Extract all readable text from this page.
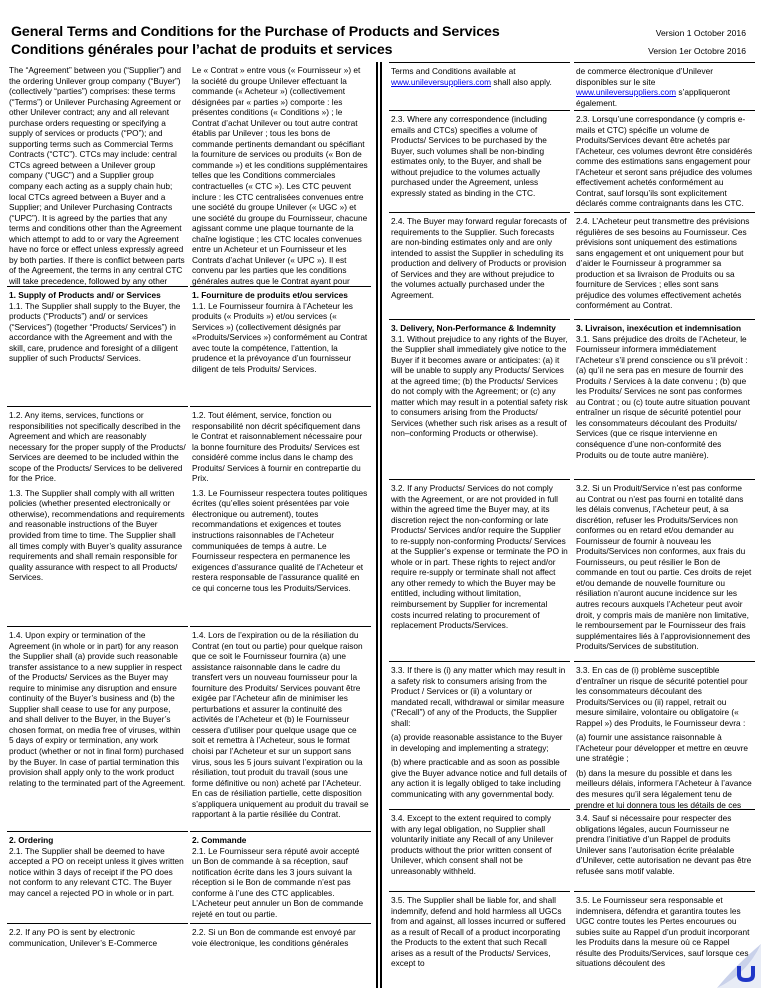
General Terms and Conditions for the Purchase of Products and Services
Conditions générales pour l’achat de produits et services
Version 1 October 2016
Version 1er Octobre 2016

The “Agreement” between you (“Supplier”) and the ordering Unilever group company (“Buyer”) (collectively “parties”) comprises: these terms (“Terms”) or Unilever Purchasing Agreement or other Unilever contract; any and all relevant purchase orders requesting or specifying a supply of services or products (“PO”); and supporting terms such as Commercial Terms Contracts (“CTC”). CTCs may include: central CTCs agreed between a Unilever group company (“UGC”) and a Supplier group company each acting as a supply chain hub; local CTCs agreed between a Buyer and a Supplier; and Unilever Purchasing Contracts (“UPC”). It is agreed by the parties that any terms and conditions other than the Agreement which attempt to add to or vary the Agreement have no force or effect unless expressly agreed by both parties. If there is conflict between parts of the Agreement, the terms in any central CTC will take precedence, followed by any other

1. Supply of Products and/ or Services

1.1. The Supplier shall supply to the Buyer, the products (“Products”) and/ or services (“Services”) (together “Products/ Services”) in accordance with the Agreement and with the skill, care, prudence and foresight of a diligent supplier of such Products/ Services.

1.2. Any items, services, functions or responsibilities not specifically described in the Agreement and which are reasonably necessary for the proper supply of the Products/ Services are deemed to be included within the scope of the Products/ Services to be delivered for the Price.

1.3. The Supplier shall comply with all written policies (whether presented electronically or otherwise), recommendations and requirements and reasonable instructions of the Buyer provided from time to time. The Supplier shall all times comply with Buyer’s quality assurance requirements and shall remain responsible for quality assurance with respect to all Products/ Services.

1.4. Upon expiry or termination of the Agreement (in whole or in part) for any reason the Supplier shall (a) provide such reasonable transfer assistance to a new supplier in respect of the Products/ Services as the Buyer may require to minimise any disruption and ensure continuity of the Buyer’s business and (b) the Supplier shall cease to use for any purpose, and shall deliver to the Buyer, in the Buyer’s chosen format, on media free of viruses, within 5 days of expiry or termination, any work product (whether or not in final form) purchased by the Buyer. In case of partial termination this provision shall apply only to the work product relating to the terminated part of the Agreement.

2. Ordering

2.1. The Supplier shall be deemed to have accepted a PO on receipt unless it gives written notice within 3 days of receipt if the PO does not conform to any relevant CTC. The Buyer may cancel a rejected PO in whole or in part.

2.2. If any PO is sent by electronic communication, Unilever’s E-Commerce

Le « Contrat » entre vous (« Fournisseur ») et la société du groupe Unilever effectuant la commande (« Acheteur ») (collectivement désignées par « parties ») comporte : les présentes conditions (« Conditions ») ; le Contrat d’achat Unilever ou tout autre contrat établis par Unilever ; tous les bons de commande pertinents demandant ou spécifiant la fourniture de services ou produits (« Bon de commande ») et les conditions supplémentaires telles que les Conditions commerciales contractuelles (« CTC »). Les CTC peuvent inclure : les CTC centralisées convenues entre une société du groupe Unilever (« UGC ») et une société du groupe du Fournisseur, chacune agissant comme une plaque tournante de la chaîne logistique ; les CTC locales convenues entre un Acheteur et un Fournisseur et les Contrats d’achat Unilever (« UPC »). Il est convenu par les parties que les conditions générales autres que le Contrat ayant pour

1. Fourniture de produits et/ou services

1.1. Le Fournisseur fournira à l’Acheteur les produits (« Produits ») et/ou services (« Services ») (collectivement désignés par «Produits/Services ») conformément au Contrat avec toute la compétence, l’attention, la prudence et la prévoyance d’un fournisseur diligent de tels Produits/ Services.

1.2. Tout élément, service, fonction ou responsabilité non décrit spécifiquement dans le Contrat et raisonnablement nécessaire pour la bonne fourniture des Produits/ Services est considéré comme inclus dans le champ des Produits/ Services à fournir en contrepartie du Prix.

1.3. Le Fournisseur respectera toutes politiques écrites (qu’elles soient présentées par voie électronique ou autrement), toutes recommandations et exigences et toutes instructions raisonnables de l’Acheteur communiquées de temps à autre. Le Fournisseur respectera en permanence les exigences d’assurance qualité de l’Acheteur et restera responsable de l’assurance qualité en ce qui concerne tous les Produits/Services.

1.4. Lors de l’expiration ou de la résiliation du Contrat (en tout ou partie) pour quelque raison que ce soit le Fournisseur fournira (a) une assistance raisonnable dans le cadre du transfert vers un nouveau fournisseur pour la fourniture des Produits/ Services pouvant être exigée par l’Acheteur afin de minimiser les perturbations et assurer la continuité des activités de l’Acheteur et (b) le Fournisseur cessera d’utiliser pour quelque usage que ce soit et remettra à l’Acheteur, sous le format choisi par l’Acheteur et sur un support sans virus, sous les 5 jours suivant l’expiration ou la résiliation, tout produit du travail (sous une forme définitive ou non) acheté par l’Acheteur. En cas de résiliation partielle, cette disposition s’appliquera uniquement au produit du travail se rapportant à la partie résiliée du Contrat.

2. Commande

2.1. Le Fournisseur sera réputé avoir accepté un Bon de commande à sa réception, sauf notification écrite dans les 3 jours suivant la réception si le Bon de commande n’est pas conforme à l’une des CTC applicables. L’Acheteur peut annuler un Bon de commande rejeté en tout ou partie.

2.2. Si un Bon de commande est envoyé par voie électronique, les conditions générales

Terms and Conditions available at www.unileversuppliers.com shall also apply.

2.3. Where any correspondence (including emails and CTCs) specifies a volume of Products/ Services to be purchased by the Buyer, such volumes shall be non-binding estimates only, to the Buyer, and shall be without prejudice to the volumes actually purchased under the Agreement, unless expressly stated as binding in the CTC.

2.4. The Buyer may forward regular forecasts of requirements to the Supplier. Such forecasts are non-binding estimates only and are only intended to assist the Supplier in scheduling its production and delivery of Products or provision of Services and they are without prejudice to the volumes actually purchased under the Agreement.

3. Delivery, Non-Performance & Indemnity

3.1. Without prejudice to any rights of the Buyer, the Supplier shall immediately give notice to the Buyer if it becomes aware or anticipates: (a) it will be unable to supply any Products/ Services at the agreed time; (b) the Products/ Services do not comply with the Agreement; or (c) any matter which may result in a potential safety risk to consumers arising from the Products/ Services (whether such risk arises as a result of non–conforming Products or otherwise).

3.2. If any Products/ Services do not comply with the Agreement, or are not provided in full within the agreed time the Buyer may, at its discretion reject the non-conforming or late Products/ Services and/or require the Supplier to re-supply non-conforming Products/ Services at the Supplier’s expense or terminate the PO in whole or in part. These rights to reject and/or require re-supply or terminate shall not affect any other remedy to which the Buyer may be entitled, including without limitation, reimbursement by Supplier for incremental costs incurred relating to procurement of replacement Products/Services.

3.3. If there is (i) any matter which may result in a safety risk to consumers arising from the Product / Services or (ii) a voluntary or mandated recall, withdrawal or similar measure (“Recall”) of any of the Products, the Supplier shall:

(a) provide reasonable assistance to the Buyer in developing and implementing a strategy;

(b) where practicable and as soon as possible give the Buyer advance notice and full details of any action it is legally obliged to take including communicating with any governmental body.

3.4. Except to the extent required to comply with any legal obligation, no Supplier shall voluntarily initiate any Recall of any Unilever products without the prior written consent of Unilever, which consent shall not be unreasonably withheld.

3.5. The Supplier shall be liable for, and shall indemnify, defend and hold harmless all UGCs from and against, all losses incurred or suffered as a result of Recall of a product incorporating the Products to the extent that such Recall arises as a result of the Products/ Services, except to

de commerce électronique d’Unilever disponibles sur le site www.unileversuppliers.com s’appliqueront également.

2.3. Lorsqu’une correspondance (y compris e-mails et CTC) spécifie un volume de Produits/Services devant être achetés par l’Acheteur, ces volumes devront être considérés comme des estimations sans engagement pour l’Acheteur et seront sans préjudice des volumes effectivement achetés conformément au Contrat, sauf lorsqu’ils sont explicitement déclarés comme contraignants dans les CTC.

2.4. L’Acheteur peut transmettre des prévisions régulières de ses besoins au Fournisseur. Ces prévisions sont uniquement des estimations sans engagement et ont uniquement pour but d’aider le Fournisseur à programmer sa production et sa livraison de Produits ou sa fourniture de Services ; elles sont sans préjudice des volumes effectivement achetés conformément au Contrat.

3. Livraison, inexécution et indemnisation

3.1. Sans préjudice des droits de l’Acheteur, le Fournisseur informera immédiatement l’Acheteur s’il prend conscience ou s’il prévoit : (a) qu’il ne sera pas en mesure de fournir des Produits / Services à la date convenu ; (b) que les Produits/ Services ne sont pas conformes au Contrat ; ou (c) toute autre situation pouvant entraîner un risque de sécurité potentiel pour les consommateurs découlant des Produits/ Services (que ce risque intervienne en conséquence d’une non-conformité des Produits ou de toute autre manière).

3.2. Si un Produit/Service n’est pas conforme au Contrat ou n’est pas fourni en totalité dans les délais convenus, l’Acheteur peut, à sa discrétion, refuser les Produits/Services non conformes ou en retard et/ou demander au Fournisseur de fournir à nouveau les Produits/Services non conformes, aux frais du Fournisseurs, ou peut résilier le Bon de commande en tout ou partie. Ces droits de rejet et/ou demande de nouvelle fourniture ou résiliation n’auront aucune incidence sur les autres recours auxquels l’Acheteur peut avoir droit, y compris mais de manière non limitative, le remboursement par le Fournisseur des frais supplémentaires liés à l’approvisionnement des Produits/Services de substitution.

3.3. En cas de (i) problème susceptible d’entraîner un risque de sécurité potentiel pour les consommateurs découlant des Produits/Services ou (ii) rappel, retrait ou mesure similaire, volontaire ou obligatoire (« Rappel ») des Produits, le Fournisseur devra :

(a) fournir une assistance raisonnable à l’Acheteur pour développer et mettre en œuvre une stratégie ;

(b) dans la mesure du possible et dans les meilleurs délais, informera l’Acheteur à l’avance des mesures qu’il sera légalement tenu de prendre et lui donnera tous les détails de ces

3.4. Sauf si nécessaire pour respecter des obligations légales, aucun Fournisseur ne prendra l’initiative d’un Rappel de produits Unilever sans l’autorisation écrite préalable d’Unilever, cette autorisation ne devant pas être refusée sans motif valable.

3.5. Le Fournisseur sera responsable et indemnisera, défendra et garantira toutes les UGC contre toutes les Pertes encourues ou subies suite au Rappel d’un produit incorporant les Produits dans la mesure où ce Rappel résulte des Produits/Services, sauf lorsque ces situations découlent des
